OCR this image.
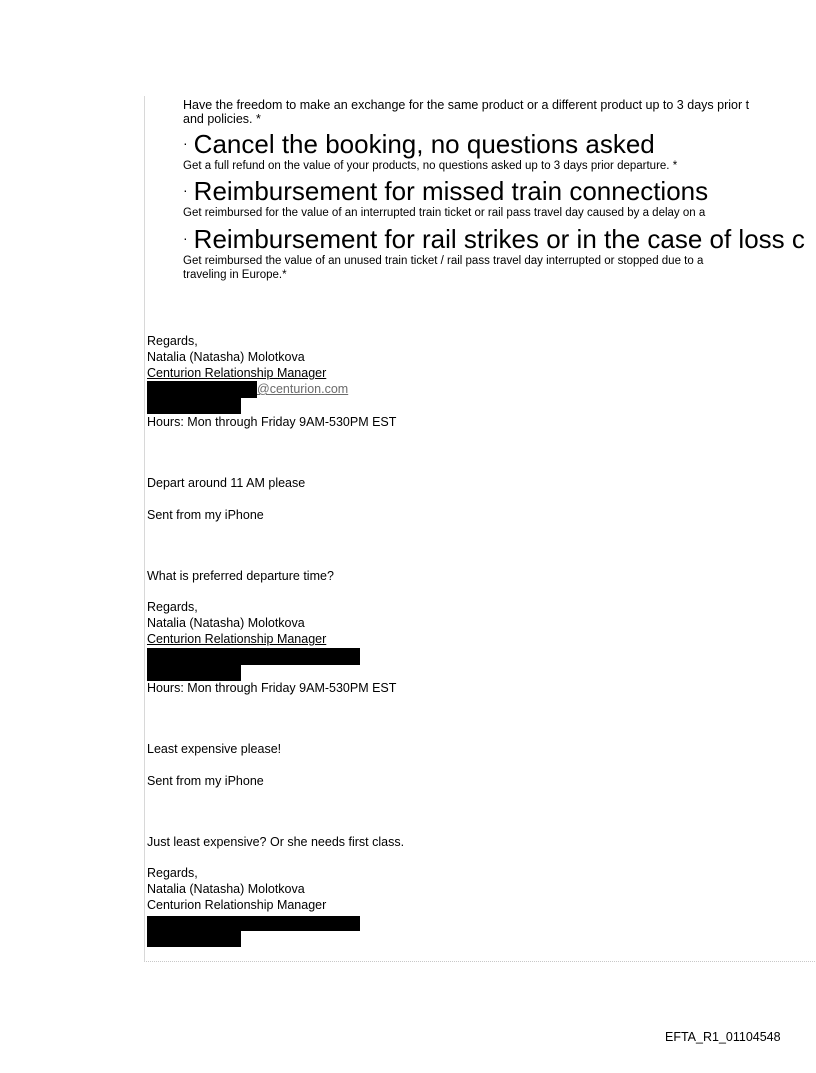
Have the freedom to make an exchange for the same product or a different product up to 3 days prior t
and policies. *
· Cancel the booking, no questions asked
Get a full refund on the value of your products, no questions asked up to 3 days prior departure. *
· Reimbursement for missed train connections
Get reimbursed for the value of an interrupted train ticket or rail pass travel day caused by a delay on a
· Reimbursement for rail strikes or in the case of loss c
Get reimbursed the value of an unused train ticket / rail pass travel day interrupted or stopped due to a
traveling in Europe.*
Regards,
Natalia (Natasha) Molotkova
Centurion Relationship Manager
@centurion.com
Hours: Mon through Friday 9AM-530PM EST
Depart around 11 AM please
Sent from my iPhone
What is preferred departure time?
Regards,
Natalia (Natasha) Molotkova
Centurion Relationship Manager
Hours: Mon through Friday 9AM-530PM EST
Least expensive please!
Sent from my iPhone
Just least expensive? Or she needs first class.
Regards,
Natalia (Natasha) Molotkova
Centurion Relationship Manager
EFTA_R1_01104548
